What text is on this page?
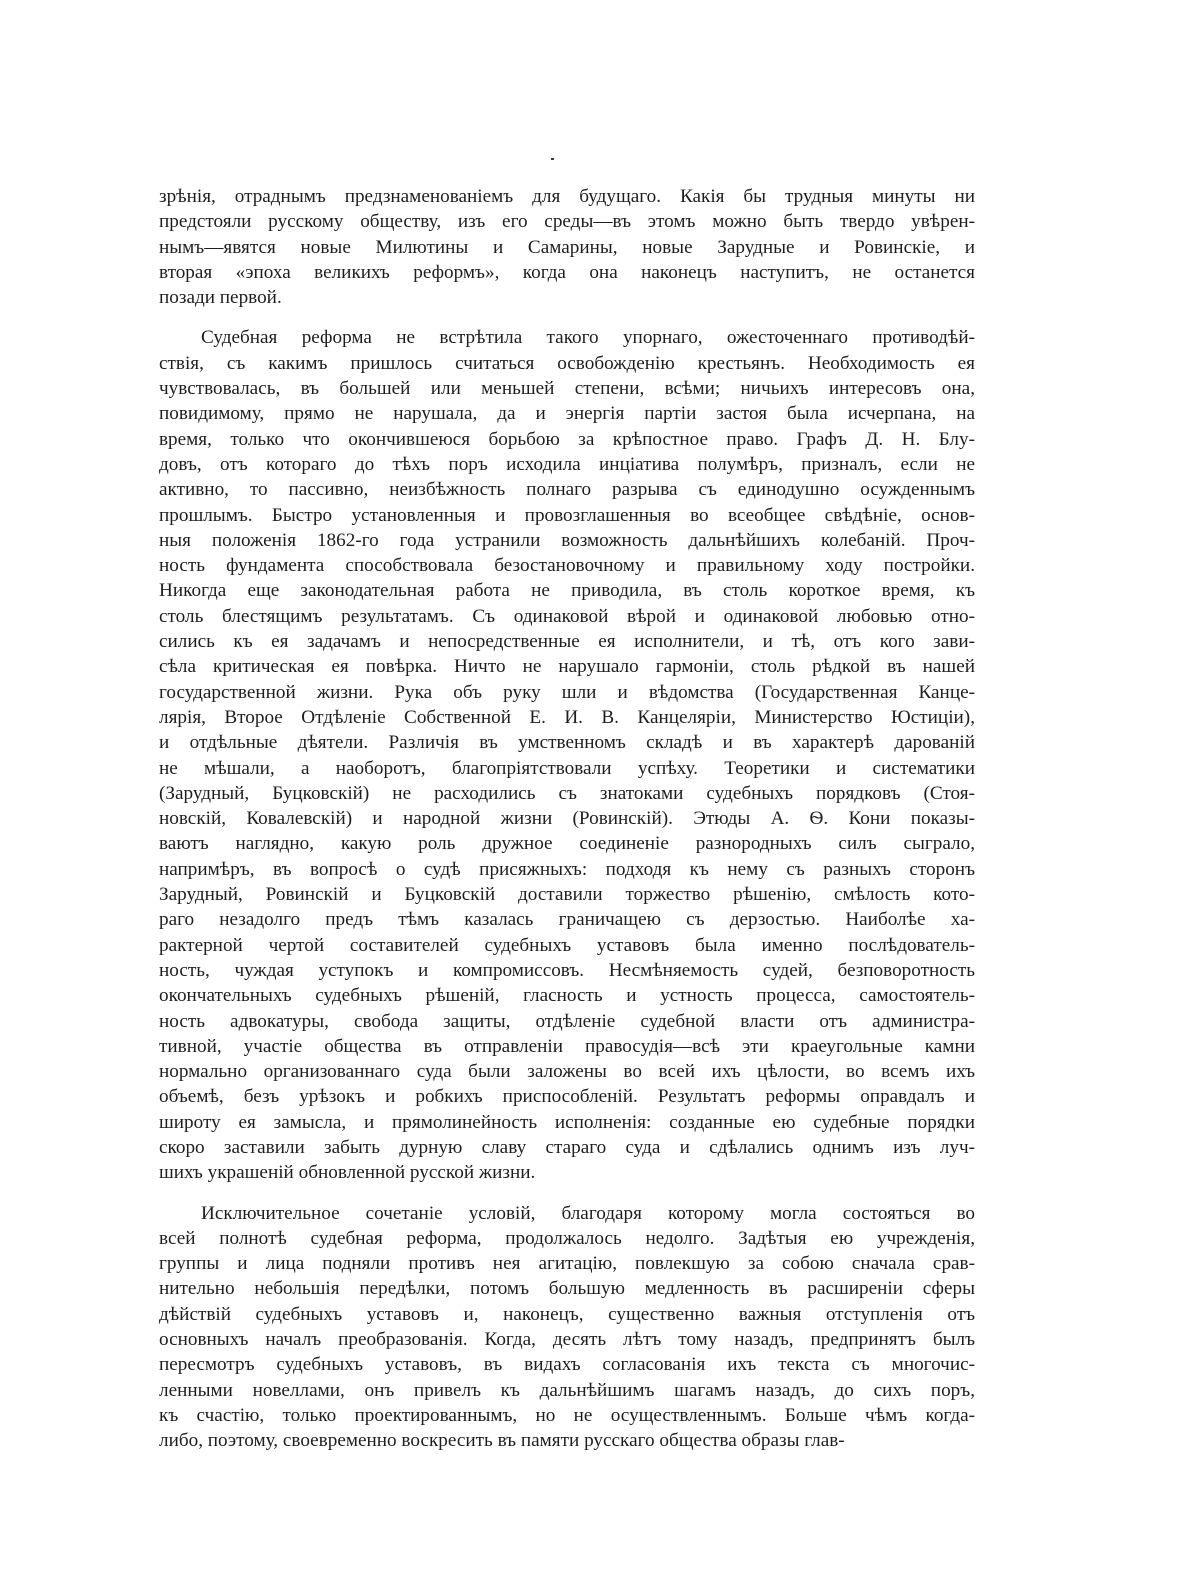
зрѣнія, отраднымъ предзнаменованіемъ для будущаго. Какія бы трудныя минуты ни
предстояли русскому обществу, изъ его среды—въ этомъ можно быть твердо увѣрен-
нымъ—явятся новые Милютины и Самарины, новые Зарудные и Ровинскіе, и
вторая «эпоха великихъ реформъ», когда она наконецъ наступитъ, не останется
позади первой.
Судебная реформа не встрѣтила такого упорнаго, ожесточеннаго противодѣй-
ствія, съ какимъ пришлось считаться освобожденію крестьянъ. Необходимость ея
чувствовалась, въ большей или меньшей степени, всѣми; ничьихъ интересовъ она,
повидимому, прямо не нарушала, да и энергія партіи застоя была исчерпана, на
время, только что окончившеюся борьбою за крѣпостное право. Графъ Д. Н. Блу-
довъ, отъ котораго до тѣхъ поръ исходила инціатива полумѣръ, призналъ, если не
активно, то пассивно, неизбѣжность полнаго разрыва съ единодушно осужденнымъ
прошлымъ. Быстро установленныя и провозглашенныя во всеобщее свѣдѣніе, основ-
ныя положенія 1862-го года устранили возможность дальнѣйшихъ колебаній. Проч-
ность фундамента способствовала безостановочному и правильному ходу постройки.
Никогда еще законодательная работа не приводила, въ столь короткое время, къ
столь блестящимъ результатамъ. Съ одинаковой вѣрой и одинаковой любовью отно-
сились къ ея задачамъ и непосредственные ея исполнители, и тѣ, отъ кого зави-
сѣла критическая ея повѣрка. Ничто не нарушало гармоніи, столь рѣдкой въ нашей
государственной жизни. Рука объ руку шли и вѣдомства (Государственная Канце-
лярія, Второе Отдѣленіе Собственной Е. И. В. Канцеляріи, Министерство Юстиціи),
и отдѣльные дѣятели. Различія въ умственномъ складѣ и въ характерѣ дарованій
не мѣшали, а наоборотъ, благопріятствовали успѣху. Теоретики и систематики
(Зарудный, Буцковскій) не расходились съ знатоками судебныхъ порядковъ (Стоя-
новскій, Ковалевскій) и народной жизни (Ровинскій). Этюды А. Ѳ. Кони показы-
ваютъ наглядно, какую роль дружное соединеніе разнородныхъ силъ сыграло,
напримѣръ, въ вопросѣ о судѣ присяжныхъ: подходя къ нему съ разныхъ сторонъ
Зарудный, Ровинскій и Буцковскій доставили торжество рѣшенію, смѣлость кото-
раго незадолго предъ тѣмъ казалась граничащею съ дерзостью. Наиболѣе ха-
рактерной чертой составителей судебныхъ уставовъ была именно послѣдователь-
ность, чуждая уступокъ и компромиссовъ. Несмѣняемость судей, безповоротность
окончательныхъ судебныхъ рѣшеній, гласность и устность процесса, самостоятель-
ность адвокатуры, свобода защиты, отдѣленіе судебной власти отъ администра-
тивной, участіе общества въ отправленіи правосудія—всѣ эти краеугольные камни
нормально организованнаго суда были заложены во всей ихъ цѣлости, во всемъ ихъ
объемѣ, безъ урѣзокъ и робкихъ приспособленій. Результатъ реформы оправдалъ и
широту ея замысла, и прямолинейность исполненія: созданные ею судебные порядки
скоро заставили забыть дурную славу стараго суда и сдѣлались однимъ изъ луч-
шихъ украшеній обновленной русской жизни.
Исключительное сочетаніе условій, благодаря которому могла состояться во
всей полнотѣ судебная реформа, продолжалось недолго. Задѣтыя ею учрежденія,
группы и лица подняли противъ нея агитацію, повлекшую за собою сначала срав-
нительно небольшія передѣлки, потомъ большую медленность въ расширеніи сферы
дѣйствій судебныхъ уставовъ и, наконецъ, существенно важныя отступленія отъ
основныхъ началъ преобразованія. Когда, десять лѣтъ тому назадъ, предпринятъ былъ
пересмотръ судебныхъ уставовъ, въ видахъ согласованія ихъ текста съ многочис-
ленными новеллами, онъ привелъ къ дальнѣйшимъ шагамъ назадъ, до сихъ поръ,
къ счастію, только проектированнымъ, но не осуществленнымъ. Больше чѣмъ когда-
либо, поэтому, своевременно воскресить въ памяти русскаго общества образы глав-
